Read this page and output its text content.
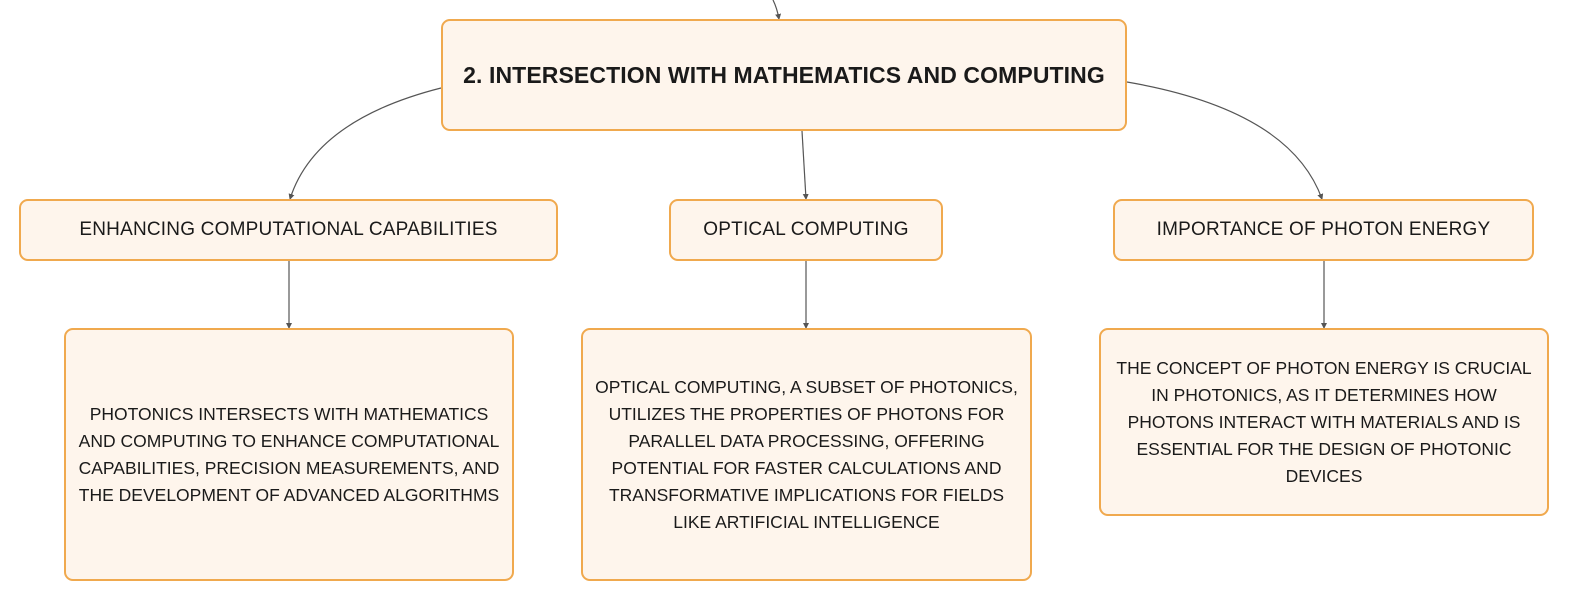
2. INTERSECTION WITH MATHEMATICS AND COMPUTING
ENHANCING COMPUTATIONAL CAPABILITIES	OPTICAL COMPUTING	IMPORTANCE OF PHOTON ENERGY
PHOTONICS INTERSECTS WITH MATHEMATICS AND COMPUTING TO ENHANCE COMPUTATIONAL CAPABILITIES, PRECISION MEASUREMENTS, AND THE DEVELOPMENT OF ADVANCED ALGORITHMS
OPTICAL COMPUTING, A SUBSET OF PHOTONICS, UTILIZES THE PROPERTIES OF PHOTONS FOR PARALLEL DATA PROCESSING, OFFERING POTENTIAL FOR FASTER CALCULATIONS AND TRANSFORMATIVE IMPLICATIONS FOR FIELDS LIKE ARTIFICIAL INTELLIGENCE
THE CONCEPT OF PHOTON ENERGY IS CRUCIAL IN PHOTONICS, AS IT DETERMINES HOW PHOTONS INTERACT WITH MATERIALS AND IS ESSENTIAL FOR THE DESIGN OF PHOTONIC DEVICES
